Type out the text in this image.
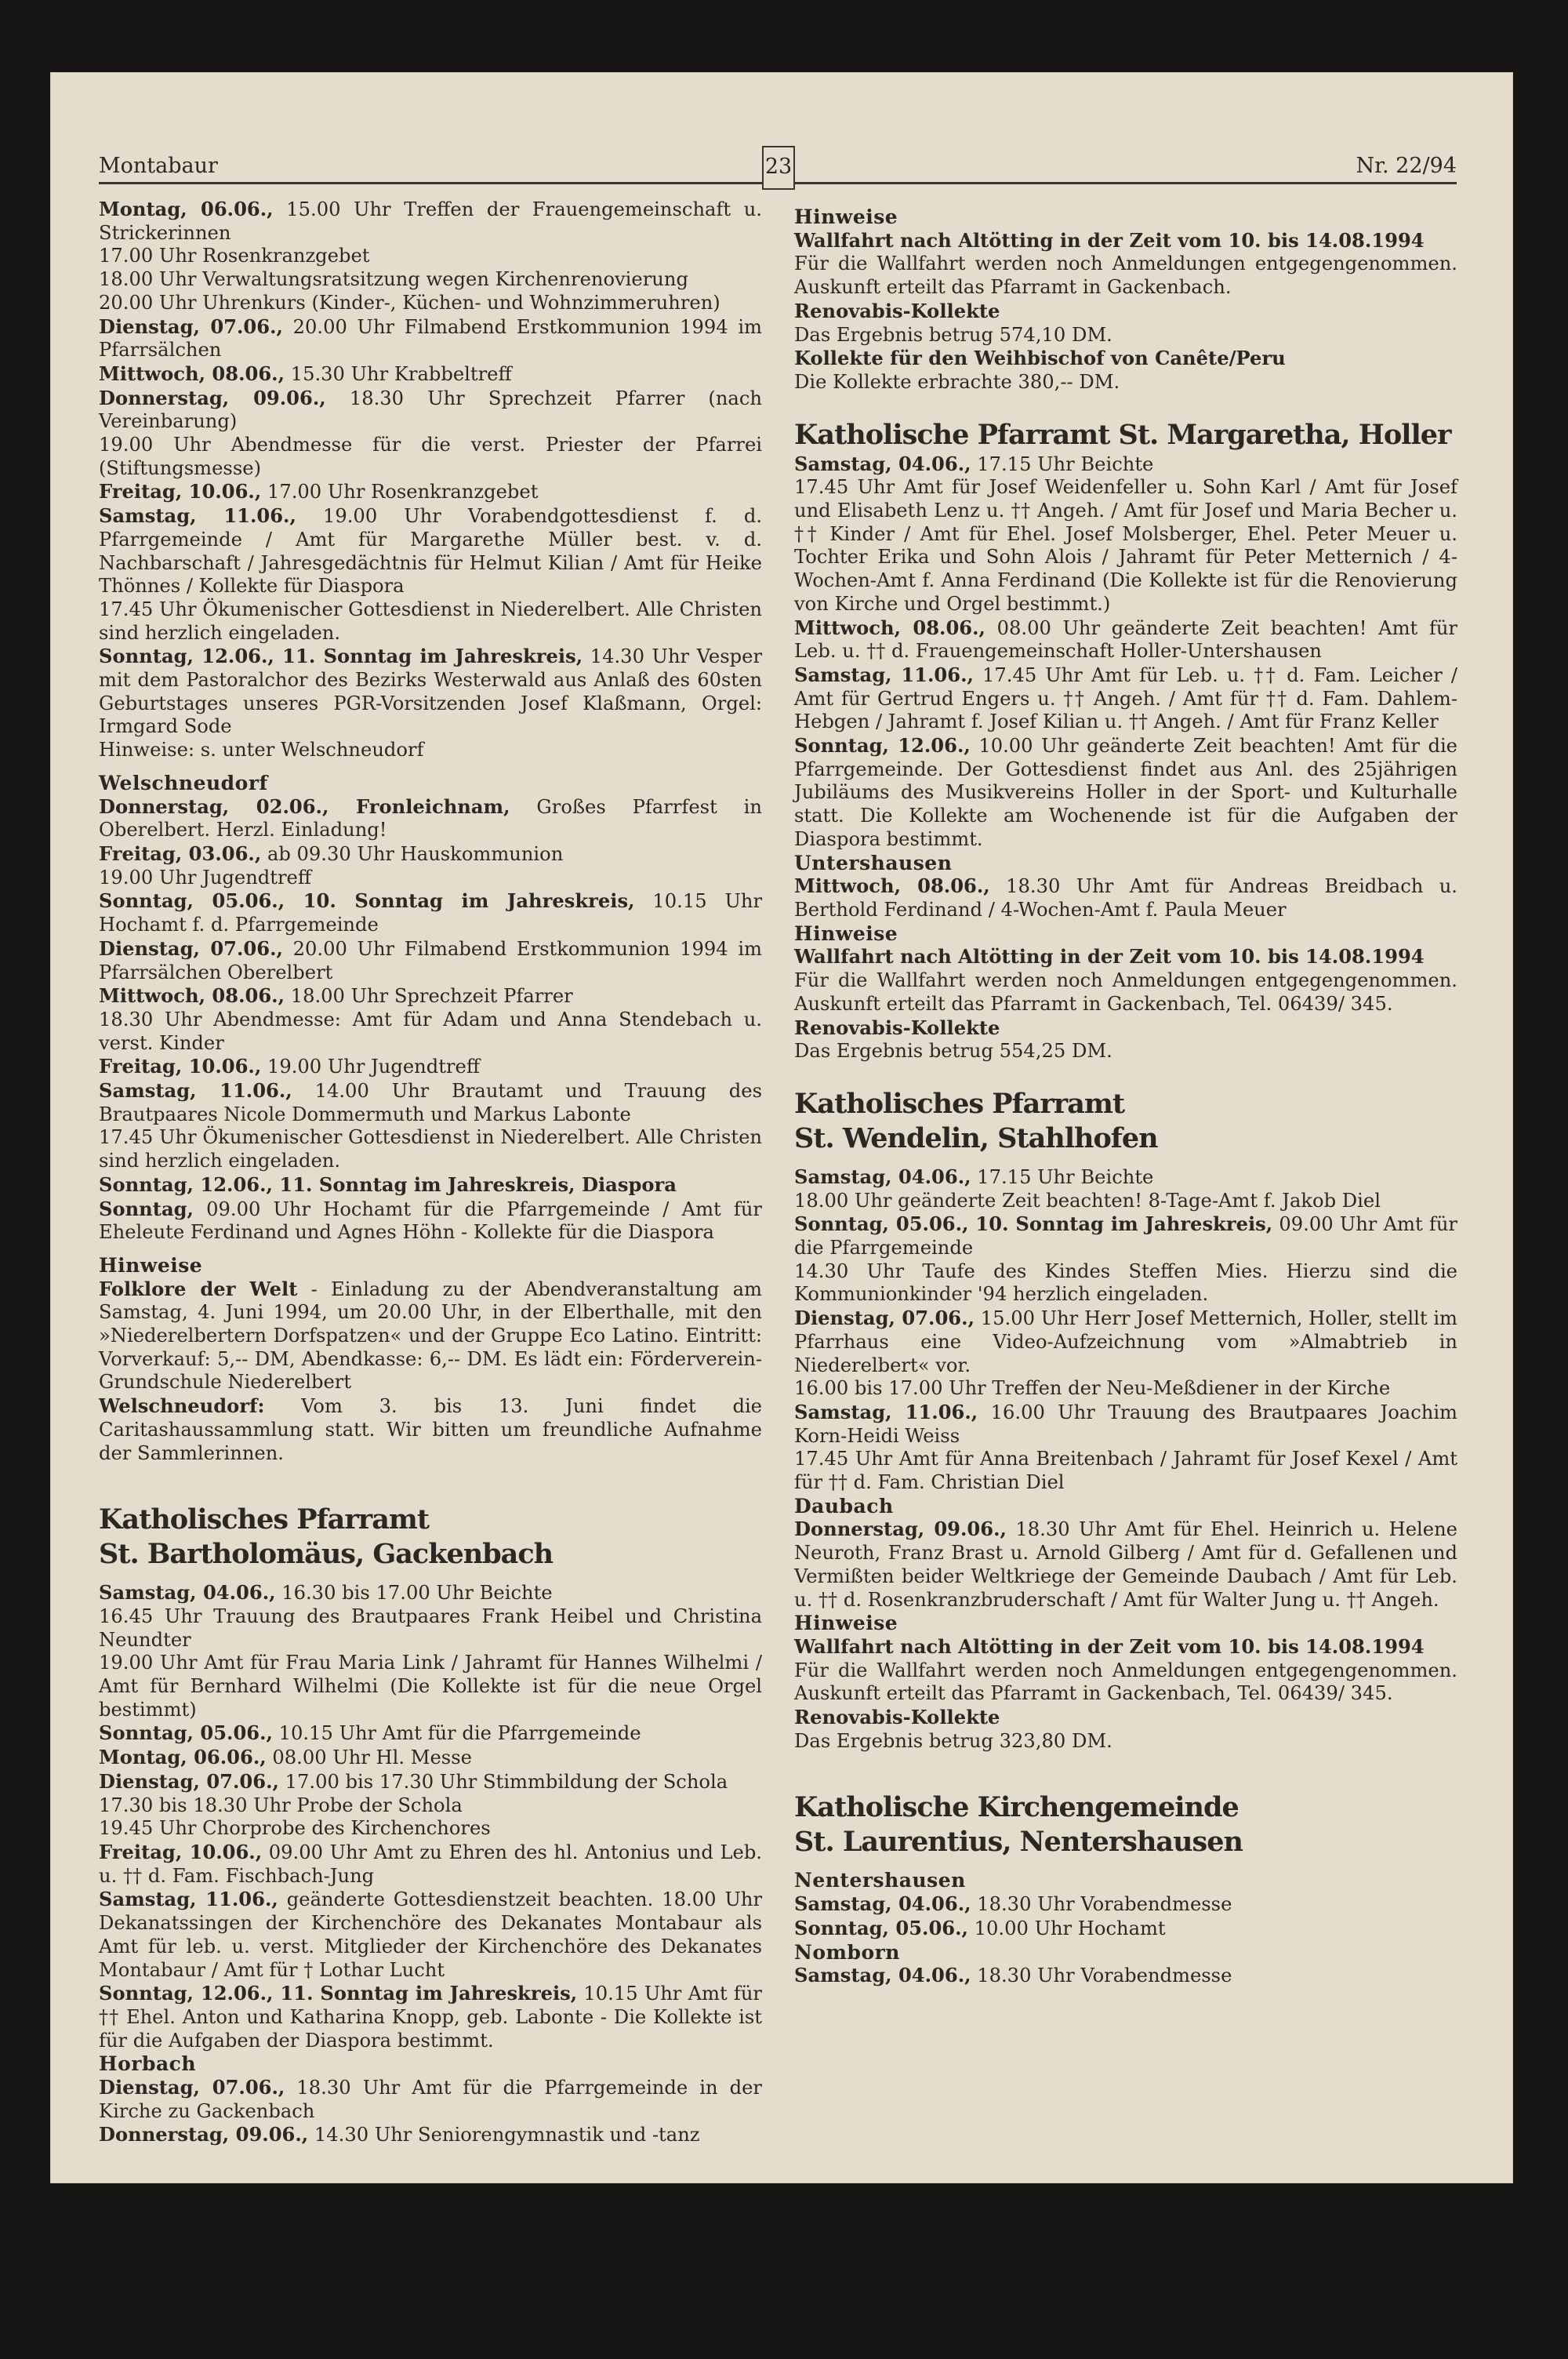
Montabaur	23	Nr. 22/94

Montag, 06.06., 15.00 Uhr Treffen der Frauengemeinschaft u. Strickerinnen

17.00 Uhr Rosenkranzgebet

18.00 Uhr Verwaltungsratsitzung wegen Kirchenrenovierung

20.00 Uhr Uhrenkurs (Kinder-, Küchen- und Wohnzimmeruhren)

Dienstag, 07.06., 20.00 Uhr Filmabend Erstkommunion 1994 im Pfarrsälchen

Mittwoch, 08.06., 15.30 Uhr Krabbeltreff

Donnerstag, 09.06., 18.30 Uhr Sprechzeit Pfarrer (nach Vereinbarung)

19.00 Uhr Abendmesse für die verst. Priester der Pfarrei (Stiftungsmesse)

Freitag, 10.06., 17.00 Uhr Rosenkranzgebet

Samstag, 11.06., 19.00 Uhr Vorabendgottesdienst f. d. Pfarrgemeinde / Amt für Margarethe Müller best. v. d. Nachbarschaft / Jahresgedächtnis für Helmut Kilian / Amt für Heike Thönnes / Kollekte für Diaspora

17.45 Uhr Ökumenischer Gottesdienst in Niederelbert. Alle Christen sind herzlich eingeladen.

Sonntag, 12.06., 11. Sonntag im Jahreskreis, 14.30 Uhr Vesper mit dem Pastoralchor des Bezirks Westerwald aus Anlaß des 60sten Geburtstages unseres PGR-Vorsitzenden Josef Klaßmann, Orgel: Irmgard Sode

Hinweise: s. unter Welschneudorf

Welschneudorf

Donnerstag, 02.06., Fronleichnam, Großes Pfarrfest in Oberelbert. Herzl. Einladung!

Freitag, 03.06., ab 09.30 Uhr Hauskommunion

19.00 Uhr Jugendtreff

Sonntag, 05.06., 10. Sonntag im Jahreskreis, 10.15 Uhr Hochamt f. d. Pfarrgemeinde

Dienstag, 07.06., 20.00 Uhr Filmabend Erstkommunion 1994 im Pfarrsälchen Oberelbert

Mittwoch, 08.06., 18.00 Uhr Sprechzeit Pfarrer

18.30 Uhr Abendmesse: Amt für Adam und Anna Stendebach u. verst. Kinder

Freitag, 10.06., 19.00 Uhr Jugendtreff

Samstag, 11.06., 14.00 Uhr Brautamt und Trauung des Brautpaares Nicole Dommermuth und Markus Labonte

17.45 Uhr Ökumenischer Gottesdienst in Niederelbert. Alle Christen sind herzlich eingeladen.

Sonntag, 12.06., 11. Sonntag im Jahreskreis, Diaspora

Sonntag, 09.00 Uhr Hochamt für die Pfarrgemeinde / Amt für Eheleute Ferdinand und Agnes Höhn - Kollekte für die Diaspora

Hinweise

Folklore der Welt - Einladung zu der Abendveranstaltung am Samstag, 4. Juni 1994, um 20.00 Uhr, in der Elberthalle, mit den »Niederelbertern Dorfspatzen« und der Gruppe Eco Latino. Eintritt: Vorverkauf: 5,-- DM, Abendkasse: 6,-- DM. Es lädt ein: Förderverein-Grundschule Niederelbert

Welschneudorf: Vom 3. bis 13. Juni findet die Caritashaussammlung statt. Wir bitten um freundliche Aufnahme der Sammlerinnen.

Katholisches Pfarramt

St. Bartholomäus, Gackenbach

Samstag, 04.06., 16.30 bis 17.00 Uhr Beichte

16.45 Uhr Trauung des Brautpaares Frank Heibel und Christina Neundter

19.00 Uhr Amt für Frau Maria Link / Jahramt für Hannes Wilhelmi / Amt für Bernhard Wilhelmi (Die Kollekte ist für die neue Orgel bestimmt)

Sonntag, 05.06., 10.15 Uhr Amt für die Pfarrgemeinde

Montag, 06.06., 08.00 Uhr Hl. Messe

Dienstag, 07.06., 17.00 bis 17.30 Uhr Stimmbildung der Schola

17.30 bis 18.30 Uhr Probe der Schola

19.45 Uhr Chorprobe des Kirchenchores

Freitag, 10.06., 09.00 Uhr Amt zu Ehren des hl. Antonius und Leb. u. †† d. Fam. Fischbach-Jung

Samstag, 11.06., geänderte Gottesdienstzeit beachten. 18.00 Uhr Dekanatssingen der Kirchenchöre des Dekanates Montabaur als Amt für leb. u. verst. Mitglieder der Kirchenchöre des Dekanates Montabaur / Amt für † Lothar Lucht

Sonntag, 12.06., 11. Sonntag im Jahreskreis, 10.15 Uhr Amt für †† Ehel. Anton und Katharina Knopp, geb. Labonte - Die Kollekte ist für die Aufgaben der Diaspora bestimmt.

Horbach

Dienstag, 07.06., 18.30 Uhr Amt für die Pfarrgemeinde in der Kirche zu Gackenbach

Donnerstag, 09.06., 14.30 Uhr Seniorengymnastik und -tanz

Hinweise

Wallfahrt nach Altötting in der Zeit vom 10. bis 14.08.1994

Für die Wallfahrt werden noch Anmeldungen entgegengenommen. Auskunft erteilt das Pfarramt in Gackenbach.

Renovabis-Kollekte

Das Ergebnis betrug 574,10 DM.

Kollekte für den Weihbischof von Canête/Peru

Die Kollekte erbrachte 380,-- DM.

Katholische Pfarramt St. Margaretha, Holler

Samstag, 04.06., 17.15 Uhr Beichte

17.45 Uhr Amt für Josef Weidenfeller u. Sohn Karl / Amt für Josef und Elisabeth Lenz u. †† Angeh. / Amt für Josef und Maria Becher u. †† Kinder / Amt für Ehel. Josef Molsberger, Ehel. Peter Meuer u. Tochter Erika und Sohn Alois / Jahramt für Peter Metternich / 4-Wochen-Amt f. Anna Ferdinand (Die Kollekte ist für die Renovierung von Kirche und Orgel bestimmt.)

Mittwoch, 08.06., 08.00 Uhr geänderte Zeit beachten! Amt für Leb. u. †† d. Frauengemeinschaft Holler-Untershausen

Samstag, 11.06., 17.45 Uhr Amt für Leb. u. †† d. Fam. Leicher / Amt für Gertrud Engers u. †† Angeh. / Amt für †† d. Fam. Dahlem-Hebgen / Jahramt f. Josef Kilian u. †† Angeh. / Amt für Franz Keller

Sonntag, 12.06., 10.00 Uhr geänderte Zeit beachten! Amt für die Pfarrgemeinde. Der Gottesdienst findet aus Anl. des 25jährigen Jubiläums des Musikvereins Holler in der Sport- und Kulturhalle statt. Die Kollekte am Wochenende ist für die Aufgaben der Diaspora bestimmt.

Untershausen

Mittwoch, 08.06., 18.30 Uhr Amt für Andreas Breidbach u. Berthold Ferdinand / 4-Wochen-Amt f. Paula Meuer

Hinweise

Wallfahrt nach Altötting in der Zeit vom 10. bis 14.08.1994

Für die Wallfahrt werden noch Anmeldungen entgegengenommen. Auskunft erteilt das Pfarramt in Gackenbach, Tel. 06439/ 345.

Renovabis-Kollekte

Das Ergebnis betrug 554,25 DM.

Katholisches Pfarramt

St. Wendelin, Stahlhofen

Samstag, 04.06., 17.15 Uhr Beichte

18.00 Uhr geänderte Zeit beachten! 8-Tage-Amt f. Jakob Diel

Sonntag, 05.06., 10. Sonntag im Jahreskreis, 09.00 Uhr Amt für die Pfarrgemeinde

14.30 Uhr Taufe des Kindes Steffen Mies. Hierzu sind die Kommunionkinder '94 herzlich eingeladen.

Dienstag, 07.06., 15.00 Uhr Herr Josef Metternich, Holler, stellt im Pfarrhaus eine Video-Aufzeichnung vom »Almabtrieb in Niederelbert« vor.

16.00 bis 17.00 Uhr Treffen der Neu-Meßdiener in der Kirche

Samstag, 11.06., 16.00 Uhr Trauung des Brautpaares Joachim Korn-Heidi Weiss

17.45 Uhr Amt für Anna Breitenbach / Jahramt für Josef Kexel / Amt für †† d. Fam. Christian Diel

Daubach

Donnerstag, 09.06., 18.30 Uhr Amt für Ehel. Heinrich u. Helene Neuroth, Franz Brast u. Arnold Gilberg / Amt für d. Gefallenen und Vermißten beider Weltkriege der Gemeinde Daubach / Amt für Leb. u. †† d. Rosenkranzbruderschaft / Amt für Walter Jung u. †† Angeh.

Hinweise

Wallfahrt nach Altötting in der Zeit vom 10. bis 14.08.1994

Für die Wallfahrt werden noch Anmeldungen entgegengenommen. Auskunft erteilt das Pfarramt in Gackenbach, Tel. 06439/ 345.

Renovabis-Kollekte

Das Ergebnis betrug 323,80 DM.

Katholische Kirchengemeinde

St. Laurentius, Nentershausen

Nentershausen

Samstag, 04.06., 18.30 Uhr Vorabendmesse

Sonntag, 05.06., 10.00 Uhr Hochamt

Nomborn

Samstag, 04.06., 18.30 Uhr Vorabendmesse
